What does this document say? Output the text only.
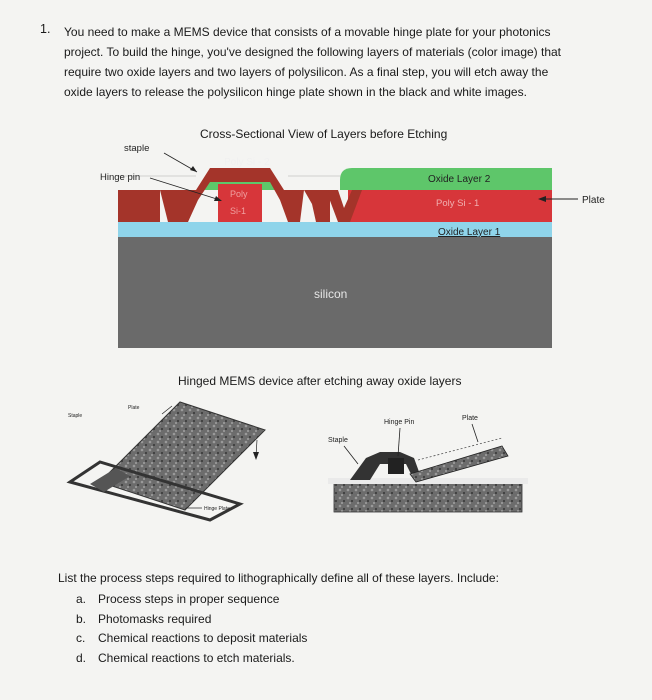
1. You need to make a MEMS device that consists of a movable hinge plate for your photonics
project. To build the hinge, you've designed the following layers of materials (color image) that
require two oxide layers and two layers of polysilicon. As a final step, you will etch away the
oxide layers to release the polysilicon hinge plate shown in the black and white images.
Cross-Sectional View of Layers before Etching
staple
Hinge pin
Poly Si - 2
Poly
Si-1
Oxide Layer 2
Poly Si - 1	Plate
Oxide Layer 1
silicon
Hinged MEMS device after etching away oxide layers
Staple
Plate
Hinge Plate
Hinge Pin
Plate
Staple
List the process steps required to lithographically define all of these layers. Include:
a. Process steps in proper sequence
b. Photomasks required
c.	Chemical reactions to deposit materials
d. Chemical reactions to etch materials.
